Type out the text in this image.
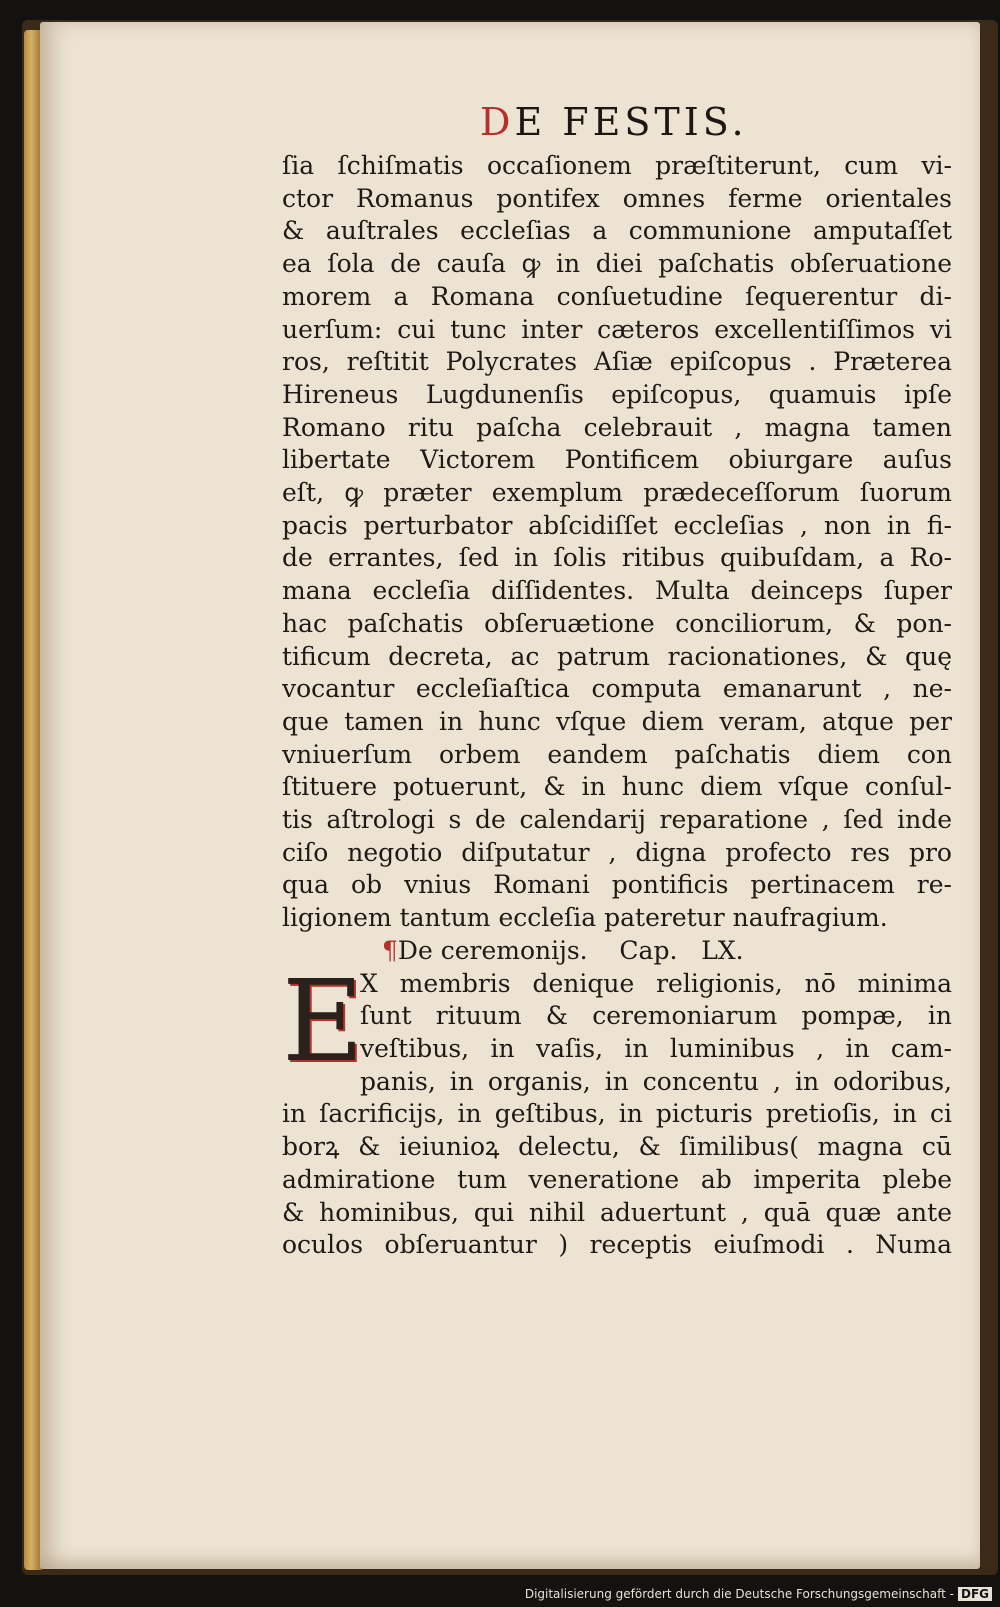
DE FESTIS.
ſia ſchiſmatis occaſionem præſtiterunt, cum vi-
ctor Romanus pontifex omnes ferme orientales
& auſtrales eccleſias a communione amputaſſet
ea ſola de cauſa ꝙ in diei paſchatis obſeruatione
morem a Romana conſuetudine ſequerentur di-
uerſum: cui tunc inter cæteros excellentiſſimos vi
ros, reſtitit Polycrates Aſiæ epiſcopus . Præterea
Hireneus Lugdunenſis epiſcopus, quamuis ipſe
Romano ritu paſcha celebrauit , magna tamen
libertate Victorem Pontificem obiurgare auſus
eſt, ꝙ præter exemplum prædeceſſorum ſuorum
pacis perturbator abſcidiſſet eccleſias , non in fi-
de errantes, ſed in ſolis ritibus quibuſdam, a Ro-
mana eccleſia diſſidentes. Multa deinceps ſuper
hac paſchatis obſeruætione conciliorum, & pon-
tificum decreta, ac patrum racionationes, & quę
vocantur eccleſiaſtica computa emanarunt , ne-
que tamen in hunc vſque diem veram, atque per
vniuerſum orbem eandem paſchatis diem con
ſtituere potuerunt, & in hunc diem vſque conſul-
tis aſtrologi s de calendarij reparatione , ſed inde
ciſo negotio diſputatur , digna profecto res pro
qua ob vnius Romani pontificis pertinacem re-
ligionem tantum eccleſia pateretur naufragium.
¶De ceremonijs. Cap. LX.
E
X membris denique religionis, nō minima
ſunt rituum & ceremoniarum pompæ, in
veſtibus, in vaſis, in luminibus , in cam-
panis, in organis, in concentu , in odoribus,
in ſacrificijs, in geſtibus, in picturis pretioſis, in ci
borꝝ & ieiunioꝝ delectu, & ſimilibus( magna cū
admiratione tum veneratione ab imperita plebe
& hominibus, qui nihil aduertunt , quā quæ ante
oculos obſeruantur ) receptis eiuſmodi . Numa
Digitalisierung gefördert durch die Deutsche Forschungsgemeinschaft - DFG
